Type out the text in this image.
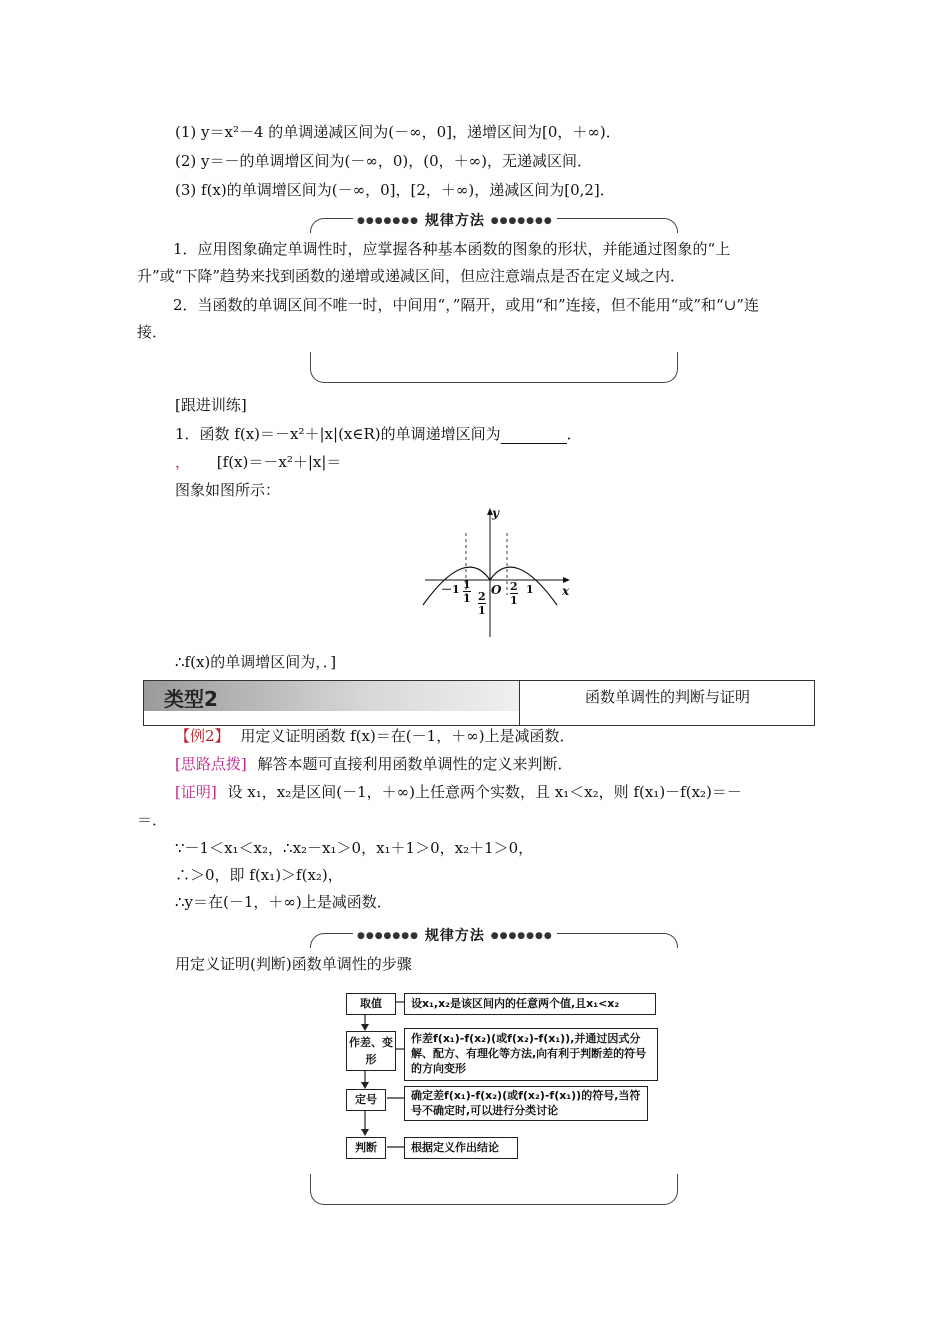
(1) y＝x²－4 的单调递减区间为(－∞，0]，递增区间为[0，＋∞)．
(2) y＝－的单调增区间为(－∞，0)，(0，＋∞)，无递减区间．
(3) f(x)的单调增区间为(－∞，0]，[2，＋∞)，递减区间为[0,2]．
●●●●●●● 规律方法 ●●●●●●●
1．应用图象确定单调性时，应掌握各种基本函数的图象的形状，并能通过图象的“上升”或“下降”趋势来找到函数的递增或递减区间，但应注意端点是否在定义域之内．
2．当函数的单调区间不唯一时，中间用“，”隔开，或用“和”连接，但不能用“或”和“∪”连接．
[跟进训练]
1．函数 f(x)＝－x²＋|x|(x∈R)的单调递增区间为	．
， [f(x)＝－x²＋|x|＝
图象如图所示：
y
x
O
－1 1
1 2
1
2
1
1
∴f(x)的单调增区间为，．]
类型2	函数单调性的判断与证明
【例2】 用定义证明函数 f(x)＝在(－1，＋∞)上是减函数．
[思路点拨] 解答本题可直接利用函数单调性的定义来判断．
[证明] 设 x₁，x₂是区间(－1，＋∞)上任意两个实数，且 x₁＜x₂，则 f(x₁)－f(x₂)＝－
＝．
∵－1＜x₁＜x₂，∴x₂－x₁＞0，x₁＋1＞0，x₂＋1＞0，
∴＞0，即 f(x₁)＞f(x₂)，
∴y＝在(－1，＋∞)上是减函数．
●●●●●●● 规律方法 ●●●●●●●
用定义证明(判断)函数单调性的步骤
取值	设x₁,x₂是该区间内的任意两个值,且x₁<x₂
作差、变形
作差f(x₁)-f(x₂)(或f(x₂)-f(x₁)),并通过因式分解、配方、有理化等方法,向有利于判断差的符号的方向变形
定号	确定差f(x₁)-f(x₂)(或f(x₂)-f(x₁))的符号,当符号不确定时,可以进行分类讨论
判断	根据定义作出结论
